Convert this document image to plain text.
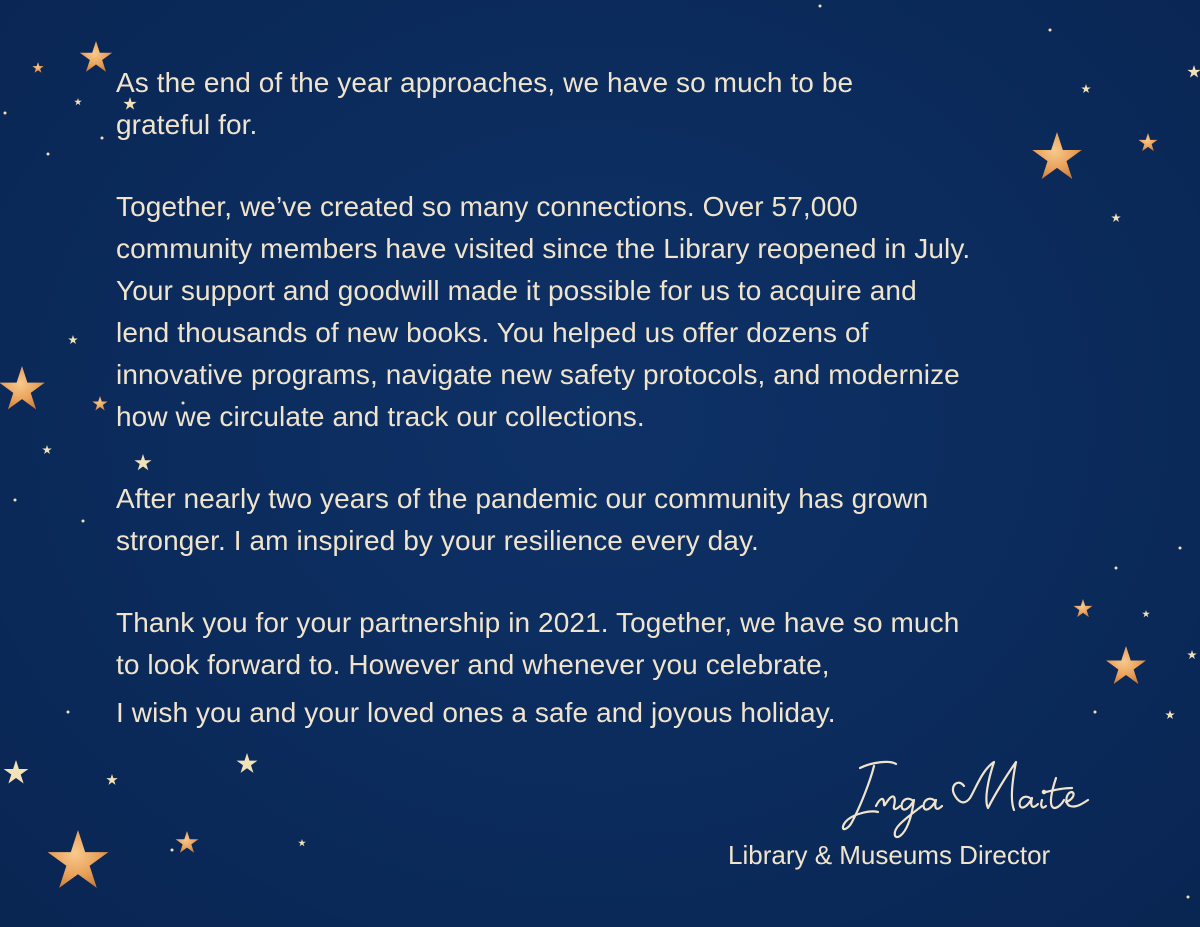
As the end of the year approaches, we have so much to be
grateful for.

Together, we’ve created so many connections. Over 57,000
community members have visited since the Library reopened in July.
Your support and goodwill made it possible for us to acquire and
lend thousands of new books. You helped us offer dozens of
innovative programs, navigate new safety protocols, and modernize
how we circulate and track our collections.

After nearly two years of the pandemic our community has grown
stronger. I am inspired by your resilience every day.

Thank you for your partnership in 2021. Together, we have so much
to look forward to. However and whenever you celebrate,
I wish you and your loved ones a safe and joyous holiday.

Library & Museums Director
